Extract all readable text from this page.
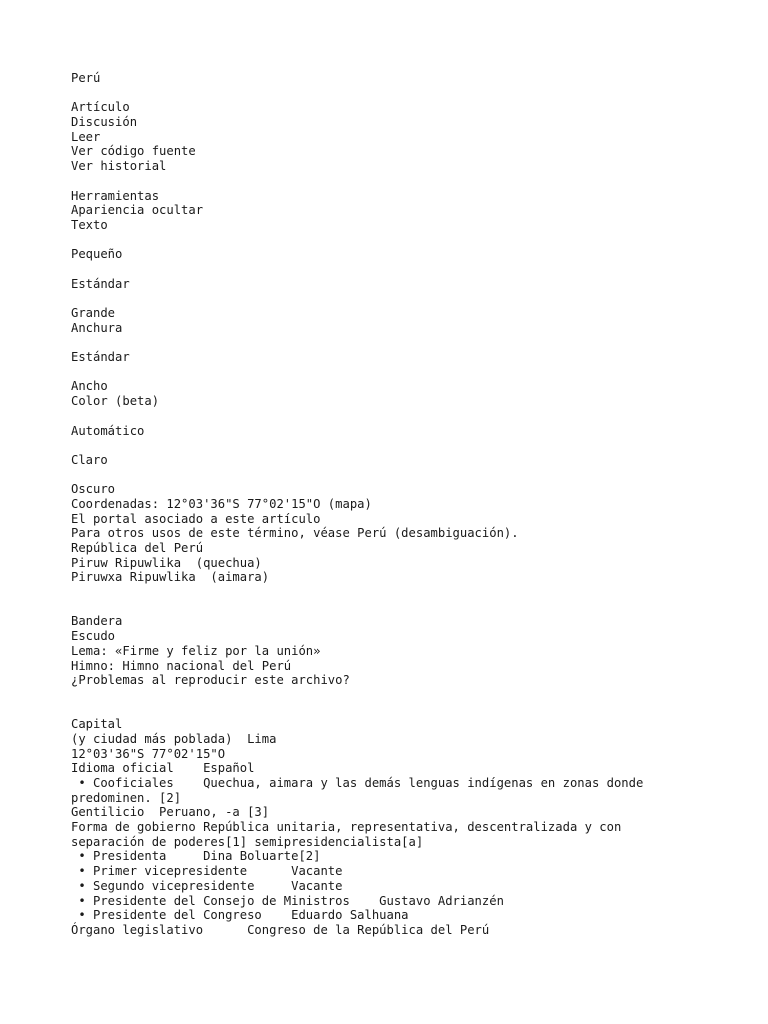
Perú
Artículo
Discusión
Leer
Ver código fuente
Ver historial
Herramientas
Apariencia ocultar
Texto
Pequeño
Estándar
Grande
Anchura
Estándar
Ancho
Color (beta)
Automático
Claro
Oscuro
Coordenadas: 12°03'36"S 77°02'15"O (mapa)
El portal asociado a este artículo
Para otros usos de este término, véase Perú (desambiguación).
República del Perú
Piruw Ripuwlika  (quechua)
Piruwxa Ripuwlika  (aimara)
Bandera
Escudo
Lema: «Firme y feliz por la unión»
Himno: Himno nacional del Perú
¿Problemas al reproducir este archivo?
Capital
(y ciudad más poblada)  Lima
12°03'36"S 77°02'15"O
Idioma oficial    Español
• Cooficiales    Quechua, aimara y las demás lenguas indígenas en zonas donde
predominen. [2]
Gentilicio  Peruano, -a [3]
Forma de gobierno República unitaria, representativa, descentralizada y con
separación de poderes[1] semipresidencialista[a]
• Presidenta     Dina Boluarte[2]
• Primer vicepresidente      Vacante
• Segundo vicepresidente     Vacante
• Presidente del Consejo de Ministros    Gustavo Adrianzén
• Presidente del Congreso    Eduardo Salhuana
Órgano legislativo      Congreso de la República del Perú
